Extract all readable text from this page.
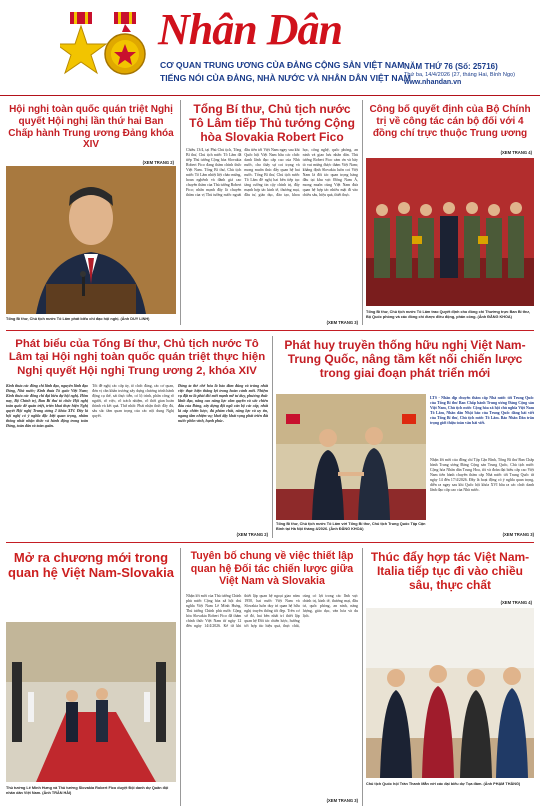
Nhân Dân
CƠ QUAN TRUNG ƯƠNG CỦA ĐẢNG CỘNG SẢN VIỆT NAM
TIẾNG NÓI CỦA ĐẢNG, NHÀ NƯỚC VÀ NHÂN DÂN VIỆT NAM
NĂM THỨ 76 (Số: 25716)
Thứ ba, 14/4/2026 (27, tháng Hai, Bính Ngọ)
www.nhandan.vn
Hội nghị toàn quốc quán triệt Nghị quyết Hội nghị lần thứ hai Ban Chấp hành Trung ương Đảng khóa XIV
(XEM TRANG 2)
Tổng Bí thư, Chủ tịch nước Tô Lâm phát biểu chỉ đạo hội nghị. (Ảnh DUY LINH)
Tổng Bí thư, Chủ tịch nước Tô Lâm tiếp Thủ tướng Cộng hòa Slovakia Robert Fico
Chiều 13/4, tại Phủ Chủ tịch, Tổng Bí thư, Chủ tịch nước Tô Lâm đã tiếp Thủ tướng Cộng hòa Slovakia Robert Fico đang thăm chính thức Việt Nam. Tổng Bí thư, Chủ tịch nước Tô Lâm nhiệt liệt chào mừng, hoan nghênh và đánh giá cao chuyến thăm của Thủ tướng Robert Fico; nhấn mạnh đây là chuyến thăm của vị Thủ tướng nước ngoài đầu tiên tới Việt Nam ngay sau khi Quốc hội Việt Nam bầu các chức danh lãnh đạo cấp cao của Nhà nước, cho thấy sự coi trọng và mong muốn thúc đẩy quan hệ hai nước. Tổng Bí thư, Chủ tịch nước Tô Lâm đề nghị hai bên tiếp tục tăng cường tin cậy chính trị, đẩy mạnh hợp tác kinh tế, thương mại, đầu tư, giáo dục, đào tạo, khoa học, công nghệ, quốc phòng, an ninh và giao lưu nhân dân. Thủ tướng Robert Fico cảm ơn và bày tỏ vui mừng được thăm Việt Nam; khẳng định Slovakia luôn coi Việt Nam là đối tác quan trọng hàng đầu tại khu vực Đông Nam Á, mong muốn cùng Việt Nam đưa quan hệ hợp tác nhiều mặt đi vào chiều sâu, hiệu quả, thiết thực.
(XEM TRANG 3)
Công bố quyết định của Bộ Chính trị về công tác cán bộ đối với 4 đồng chí trực thuộc Trung ương
(XEM TRANG 4)
Tổng Bí thư, Chủ tịch nước Tô Lâm trao Quyết định cho đồng chí Thường trực Ban Bí thư, Bộ Quốc phòng và các đồng chí được điều động, phân công. (Ảnh ĐĂNG KHOA)
Phát biểu của Tổng Bí thư, Chủ tịch nước Tô Lâm tại Hội nghị toàn quốc quán triệt thực hiện Nghị quyết Hội nghị Trung ương 2, khóa XIV
Kính thưa các đồng chí lãnh đạo, nguyên lãnh đạo Đảng, Nhà nước; Kính thưa Tổ quốc Việt Nam; Kính thưa các đồng chí đại biểu dự hội nghị. Hôm nay, Bộ Chính trị, Ban Bí thư tổ chức Hội nghị toàn quốc để quán triệt, triển khai thực hiện Nghị quyết Hội nghị Trung ương 2 khóa XIV. Đây là hội nghị có ý nghĩa đặc biệt quan trọng, nhằm thống nhất nhận thức và hành động trong toàn Đảng, toàn dân và toàn quân.
Tôi đề nghị các cấp ủy, tổ chức đảng, các cơ quan, đơn vị cần khẩn trương xây dựng chương trình hành động cụ thể, sát thực tiễn, có lộ trình, phân công rõ người, rõ việc, rõ trách nhiệm, rõ thời gian hoàn thành và kết quả. Thứ nhất: Phải nhận thức đầy đủ, sâu sắc tầm quan trọng của các nội dung Nghị quyết.
Đảng ta thể chế hóa là bảo đảm đúng và trúng nhất việc thực hiện thắng lợi trong hoàn cảnh mới. Nhiệm vụ đặt ra là phải đổi mới mạnh mẽ tư duy, phương thức lãnh đạo, nâng cao năng lực cầm quyền và sức chiến đấu của Đảng, xây dựng đội ngũ cán bộ các cấp, nhất là cấp chiến lược, đủ phẩm chất, năng lực và uy tín, ngang tầm nhiệm vụ; khơi dậy khát vọng phát triển đất nước phồn vinh, hạnh phúc.
(XEM TRANG 2)
Phát huy truyền thống hữu nghị Việt Nam-Trung Quốc, nâng tầm kết nối chiến lược trong giai đoạn phát triển mới
Tổng Bí thư, Chủ tịch nước Tô Lâm với Tổng Bí thư, Chủ tịch Trung Quốc Tập Cận Bình tại Hà Nội tháng 4/2026. (Ảnh ĐĂNG KHOA)
LTS - Nhân dịp chuyến thăm cấp Nhà nước tới Trung Quốc của Tổng Bí thư Ban Chấp hành Trung ương Đảng Cộng sản Việt Nam, Chủ tịch nước Cộng hòa xã hội chủ nghĩa Việt Nam Tô Lâm, Nhân dân Nhật báo của Trung Quốc đăng bài viết của Tổng Bí thư, Chủ tịch nước Tô Lâm. Báo Nhân Dân trân trọng giới thiệu toàn văn bài viết.
Nhận lời mời của đồng chí Tập Cận Bình, Tổng Bí thư Ban Chấp hành Trung ương Đảng Cộng sản Trung Quốc, Chủ tịch nước Cộng hòa Nhân dân Trung Hoa, tôi và đoàn đại biểu cấp cao Việt Nam tiến hành chuyến thăm cấp Nhà nước tới Trung Quốc từ ngày 14 đến 17/4/2026. Đây là hoạt động có ý nghĩa quan trọng, diễn ra ngay sau khi Quốc hội khóa XVI bầu ra các chức danh lãnh đạo cấp cao của Nhà nước.
(XEM TRANG 3)
Mở ra chương mới trong quan hệ Việt Nam-Slovakia
Thủ tướng Lê Minh Hưng và Thủ tướng Slovakia Robert Fico duyệt Đội danh dự Quân đội nhân dân Việt Nam. (Ảnh TRẦN HẢI)
Tuyên bố chung về việc thiết lập quan hệ Đối tác chiến lược giữa Việt Nam và Slovakia
Nhận lời mời của Thủ tướng Chính phủ nước Cộng hòa xã hội chủ nghĩa Việt Nam Lê Minh Hưng, Thủ tướng Chính phủ nước Cộng hòa Slovakia Robert Fico đã thăm chính thức Việt Nam từ ngày 12 đến ngày 14/4/2026. Kế từ khi thiết lập quan hệ ngoại giao năm 1950, hai nước Việt Nam và Slovakia luôn duy trì quan hệ hữu nghị truyền thống tốt đẹp. Trên cơ sở đó, hai bên nhất trí thiết lập quan hệ Đối tác chiến lược, hướng tới hợp tác hiệu quả, thực chất, cùng có lợi trong các lĩnh vực chính trị, kinh tế, thương mại, đầu tư, quốc phòng, an ninh, năng lượng, giáo dục, văn hóa và du lịch.
(XEM TRANG 3)
Thúc đẩy hợp tác Việt Nam-Italia tiếp tục đi vào chiều sâu, thực chất
(XEM TRANG 4)
Chủ tịch Quốc hội Trần Thanh Mẫn với các đại biểu dự Tọa đàm. (Ảnh PHẠM THẮNG)
